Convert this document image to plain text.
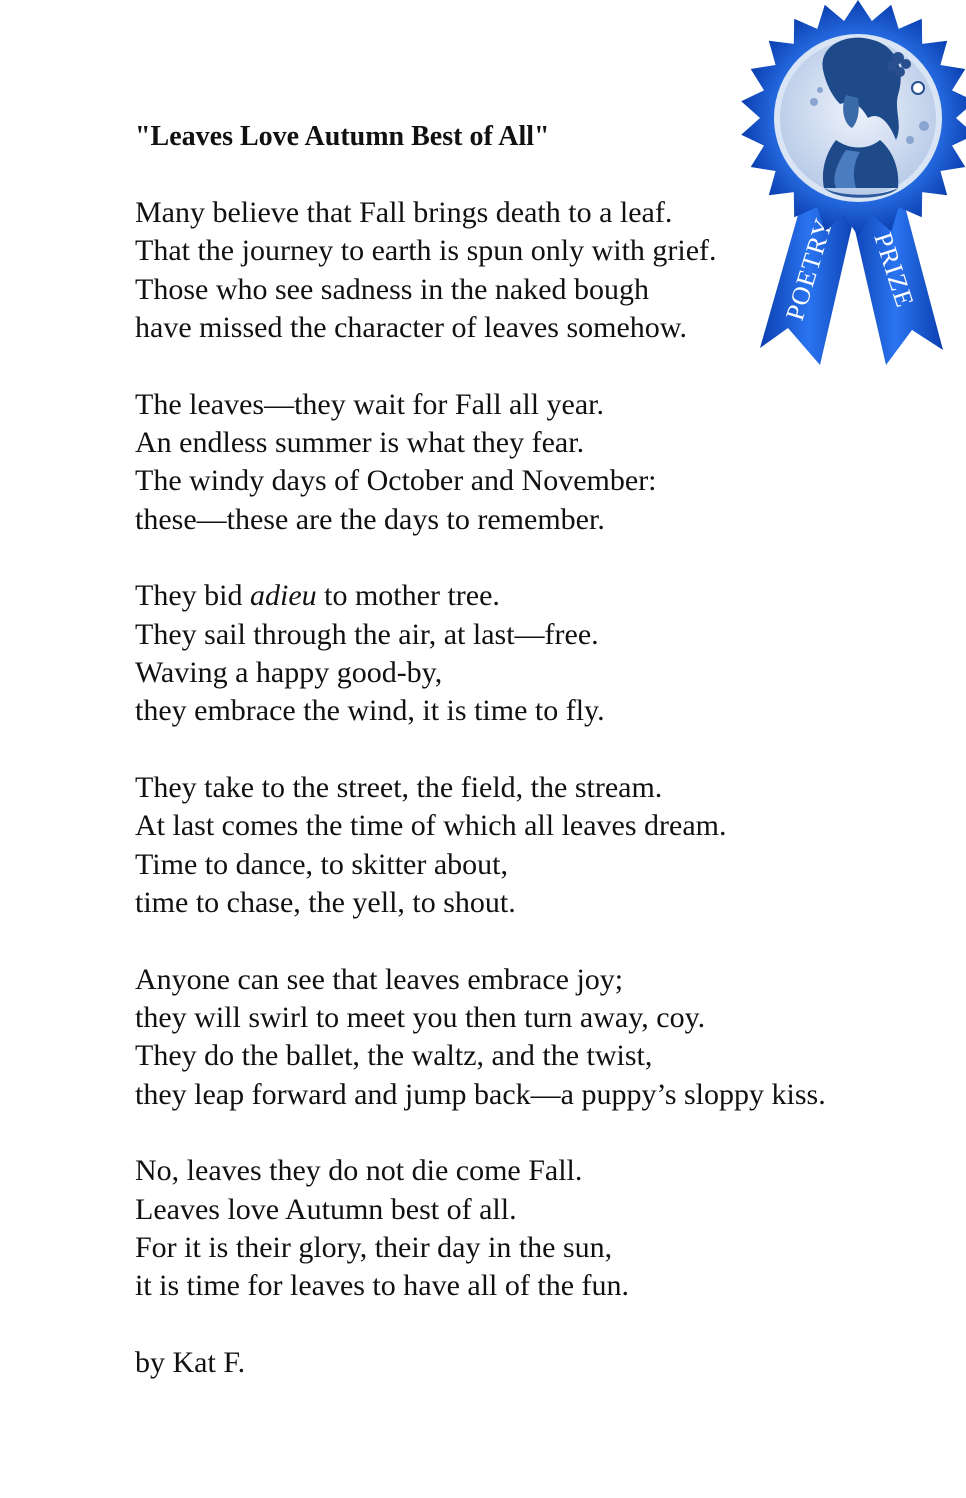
"Leaves Love Autumn Best of All"
Many believe that Fall brings death to a leaf.
That the journey to earth is spun only with grief.
Those who see sadness in the naked bough
have missed the character of leaves somehow.
The leaves—they wait for Fall all year.
An endless summer is what they fear.
The windy days of October and November:
these—these are the days to remember.
They bid adieu to mother tree.
They sail through the air, at last—free.
Waving a happy good-by,
they embrace the wind, it is time to fly.
They take to the street, the field, the stream.
At last comes the time of which all leaves dream.
Time to dance, to skitter about,
time to chase, the yell, to shout.
Anyone can see that leaves embrace joy;
they will swirl to meet you then turn away, coy.
They do the ballet, the waltz, and the twist,
they leap forward and jump back—a puppy’s sloppy kiss.
No, leaves they do not die come Fall.
Leaves love Autumn best of all.
For it is their glory, their day in the sun,
it is time for leaves to have all of the fun.
by Kat F.
POETRY PRIZE
